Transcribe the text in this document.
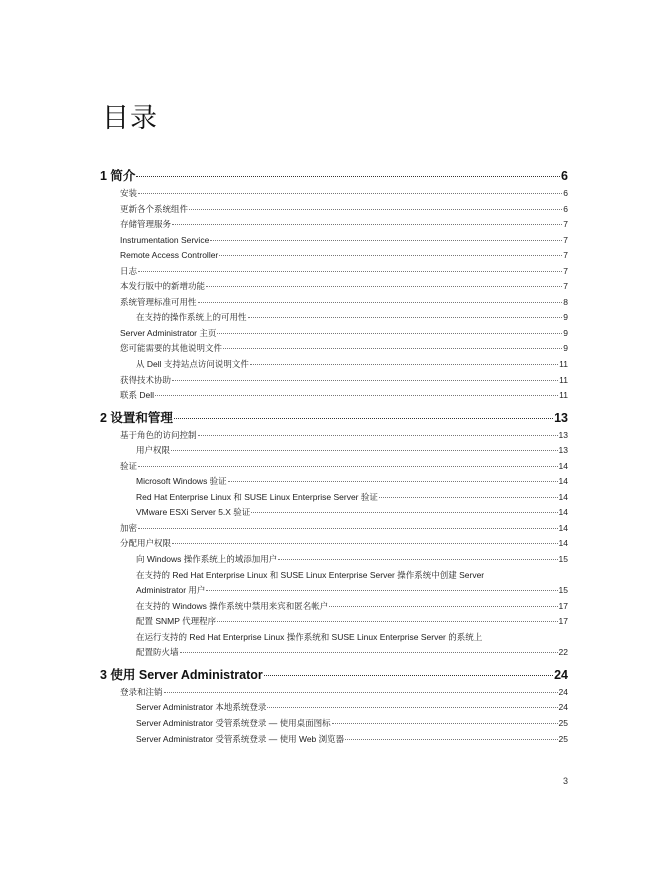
目录
1 简介	6
安装	6
更新各个系统组件	6
存储管理服务	7
Instrumentation Service	7
Remote Access Controller	7
日志	7
本发行版中的新增功能	7
系统管理标准可用性	8
在支持的操作系统上的可用性	9
Server Administrator 主页	9
您可能需要的其他说明文件	9
从 Dell 支持站点访问说明文件	11
获得技术协助	11
联系 Dell	11
2 设置和管理	13
基于角色的访问控制	13
用户权限	13
验证	14
Microsoft Windows 验证	14
Red Hat Enterprise Linux 和 SUSE Linux Enterprise Server 验证	14
VMware ESXi Server 5.X 验证	14
加密	14
分配用户权限	14
向 Windows 操作系统上的域添加用户	15
在支持的 Red Hat Enterprise Linux 和 SUSE Linux Enterprise Server 操作系统中创建 Server
Administrator 用户	15
在支持的 Windows 操作系统中禁用来宾和匿名帐户	17
配置 SNMP 代理程序	17
在运行支持的 Red Hat Enterprise Linux 操作系统和 SUSE Linux Enterprise Server 的系统上
配置防火墙	22
3 使用 Server Administrator	24
登录和注销	24
Server Administrator 本地系统登录	24
Server Administrator 受管系统登录 — 使用桌面图标	25
Server Administrator 受管系统登录 — 使用 Web 浏览器	25
3
